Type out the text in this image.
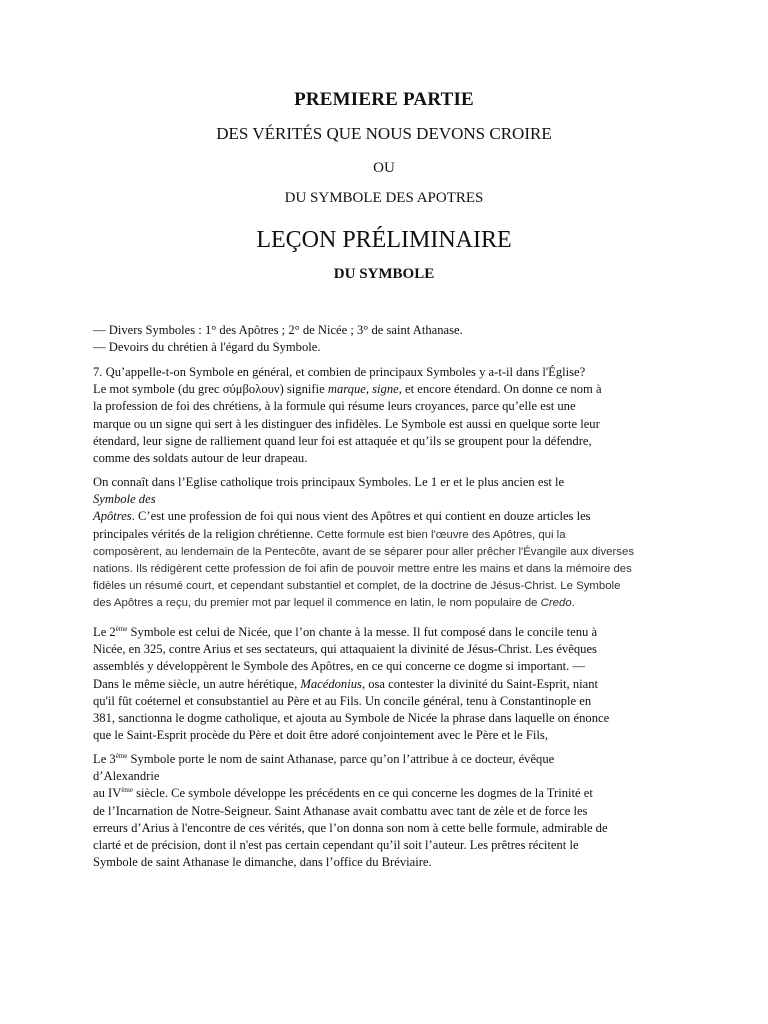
PREMIERE PARTIE
DES VÉRITÉS QUE NOUS DEVONS CROIRE
OU
DU SYMBOLE DES APOTRES
LEÇON PRÉLIMINAIRE
DU SYMBOLE
— Divers Symboles : 1° des Apôtres ; 2° de Nicée ; 3° de saint Athanase.
— Devoirs du chrétien à l'égard du Symbole.
7. Qu’appelle-t-on Symbole en général, et combien de principaux Symboles y a-t-il dans l'Église?
Le mot symbole (du grec σύμβολουν) signifie marque, signe, et encore étendard. On donne ce nom à
la profession de foi des chrétiens, à la formule qui résume leurs croyances, parce qu’elle est une
marque ou un signe qui sert à les distinguer des infidèles. Le Symbole est aussi en quelque sorte leur
étendard, leur signe de ralliement quand leur foi est attaquée et qu’ils se groupent pour la défendre,
comme des soldats autour de leur drapeau.
On connaît dans l’Eglise catholique trois principaux Symboles. Le 1 er et le plus ancien est le
Symbole des
Apôtres. C’est une profession de foi qui nous vient des Apôtres et qui contient en douze articles les
principales vérités de la religion chrétienne. Cette formule est bien l'œuvre des Apôtres, qui la
composèrent, au lendemain de la Pentecôte, avant de se séparer pour aller prêcher l'Évangile aux diverses
nations. Ils rédigèrent cette profession de foi afin de pouvoir mettre entre les mains et dans la mémoire des
fidèles un résumé court, et cependant substantiel et complet, de la doctrine de Jésus-Christ. Le Symbole
des Apôtres a reçu, du premier mot par lequel il commence en latin, le nom populaire de Credo.
Le 2ème Symbole est celui de Nicée, que l’on chante à la messe. Il fut composé dans le concile tenu à
Nicée, en 325, contre Arius et ses sectateurs, qui attaquaient la divinité de Jésus-Christ. Les évêques
assemblés y développèrent le Symbole des Apôtres, en ce qui concerne ce dogme si important. —
Dans le même siècle, un autre hérétique, Macédonius, osa contester la divinité du Saint-Esprit, niant
qu'il fût coéternel et consubstantiel au Père et au Fils. Un concile général, tenu à Constantinople en
381, sanctionna le dogme catholique, et ajouta au Symbole de Nicée la phrase dans laquelle on énonce
que le Saint-Esprit procède du Père et doit être adoré conjointement avec le Père et le Fils,
Le 3ème Symbole porte le nom de saint Athanase, parce qu’on l’attribue à ce docteur, évêque
d’Alexandrie
au IVème siècle. Ce symbole développe les précédents en ce qui concerne les dogmes de la Trinité et
de l’Incarnation de Notre-Seigneur. Saint Athanase avait combattu avec tant de zèle et de force les
erreurs d’Arius à l'encontre de ces vérités, que l’on donna son nom à cette belle formule, admirable de
clarté et de précision, dont il n'est pas certain cependant qu’il soit l’auteur. Les prêtres récitent le
Symbole de saint Athanase le dimanche, dans l’office du Bréviaire.
